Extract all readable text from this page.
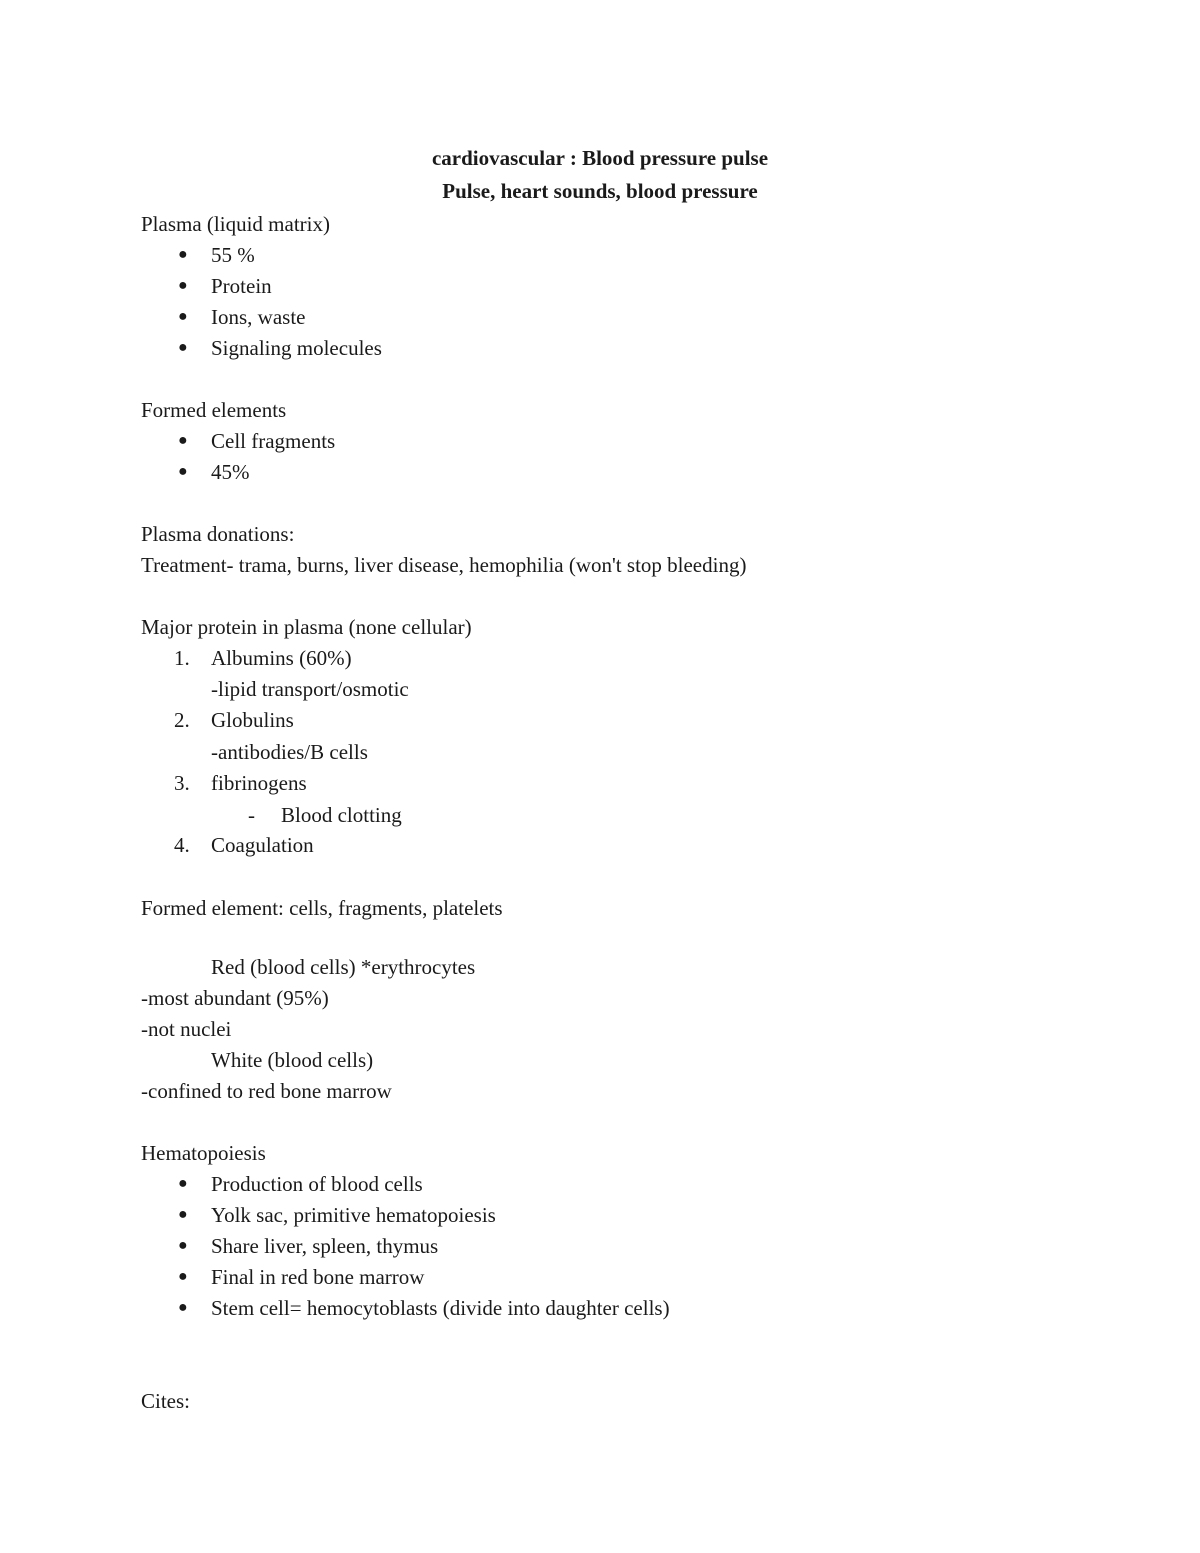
cardiovascular : Blood pressure pulse
Pulse, heart sounds, blood pressure
Plasma (liquid matrix)
● 55 %
● Protein
● Ions, waste
● Signaling molecules
Formed elements
● Cell fragments
● 45%
Plasma donations:
Treatment- trama, burns, liver disease, hemophilia (won't stop bleeding)
Major protein in plasma (none cellular)
1. Albumins (60%)
-lipid transport/osmotic
2. Globulins
-antibodies/B cells
3. fibrinogens
- Blood clotting
4. Coagulation
Formed element: cells, fragments, platelets
Red (blood cells) *erythrocytes
-most abundant (95%)
-not nuclei
White (blood cells)
-confined to red bone marrow
Hematopoiesis
● Production of blood cells
● Yolk sac, primitive hematopoiesis
● Share liver, spleen, thymus
● Final in red bone marrow
● Stem cell= hemocytoblasts (divide into daughter cells)
Cites:
